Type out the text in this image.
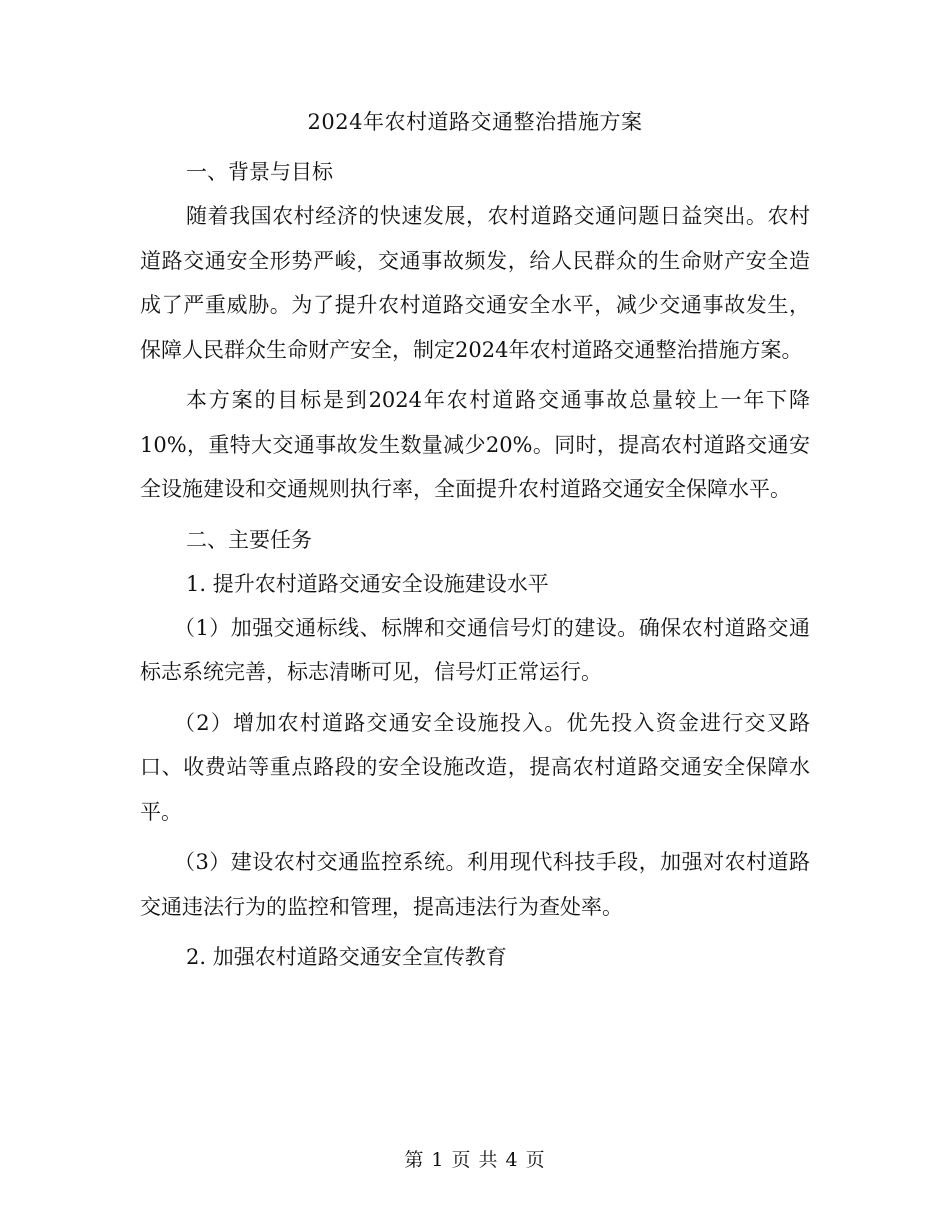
2024年农村道路交通整治措施方案

一、背景与目标

随着我国农村经济的快速发展，农村道路交通问题日益突出。农村道路交通安全形势严峻，交通事故频发，给人民群众的生命财产安全造成了严重威胁。为了提升农村道路交通安全水平，减少交通事故发生，保障人民群众生命财产安全，制定2024年农村道路交通整治措施方案。

本方案的目标是到2024年农村道路交通事故总量较上一年下降10%，重特大交通事故发生数量减少20%。同时，提高农村道路交通安全设施建设和交通规则执行率，全面提升农村道路交通安全保障水平。

二、主要任务

1. 提升农村道路交通安全设施建设水平

（1）加强交通标线、标牌和交通信号灯的建设。确保农村道路交通标志系统完善，标志清晰可见，信号灯正常运行。

（2）增加农村道路交通安全设施投入。优先投入资金进行交叉路口、收费站等重点路段的安全设施改造，提高农村道路交通安全保障水平。

（3）建设农村交通监控系统。利用现代科技手段，加强对农村道路交通违法行为的监控和管理，提高违法行为查处率。

2. 加强农村道路交通安全宣传教育

第 1 页 共 4 页
